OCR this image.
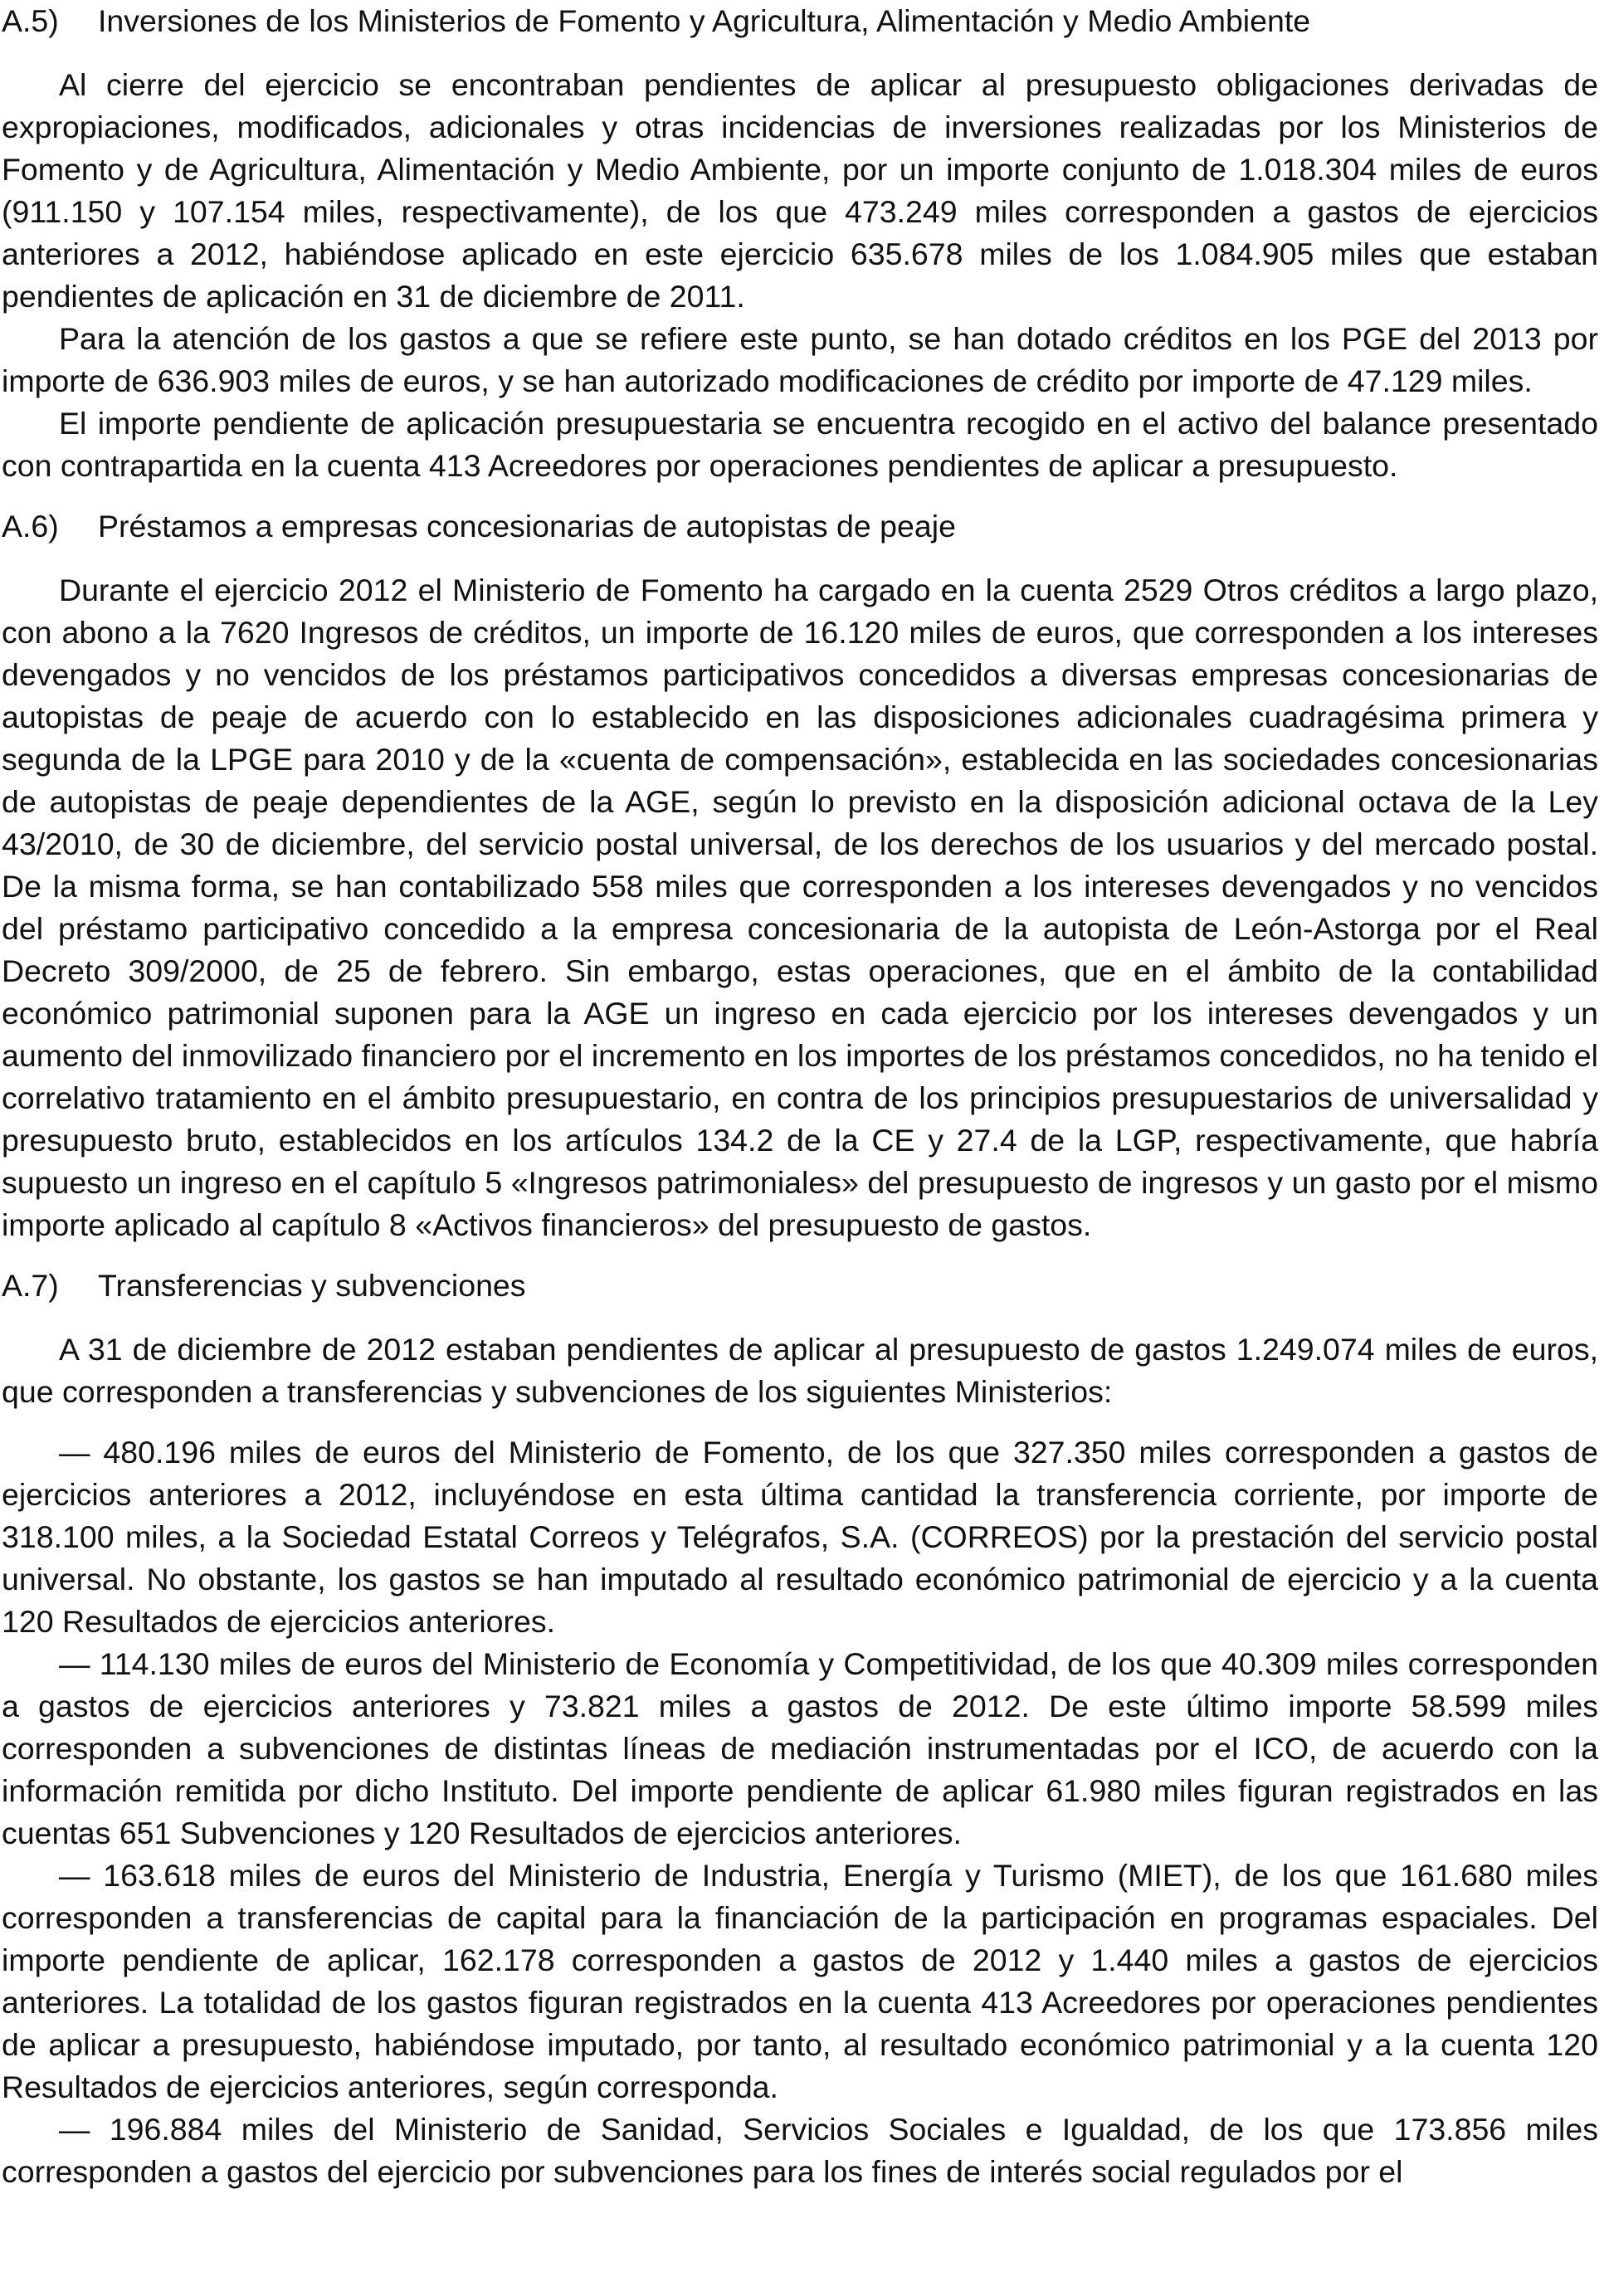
A.5)	Inversiones de los Ministerios de Fomento y Agricultura, Alimentación y Medio Ambiente

Al cierre del ejercicio se encontraban pendientes de aplicar al presupuesto obligaciones derivadas de expropiaciones, modificados, adicionales y otras incidencias de inversiones realizadas por los Ministerios de Fomento y de Agricultura, Alimentación y Medio Ambiente, por un importe conjunto de 1.018.304 miles de euros (911.150 y 107.154 miles, respectivamente), de los que 473.249 miles corresponden a gastos de ejercicios anteriores a 2012, habiéndose aplicado en este ejercicio 635.678 miles de los 1.084.905 miles que estaban pendientes de aplicación en 31 de diciembre de 2011.

Para la atención de los gastos a que se refiere este punto, se han dotado créditos en los PGE del 2013 por importe de 636.903 miles de euros, y se han autorizado modificaciones de crédito por importe de 47.129 miles.

El importe pendiente de aplicación presupuestaria se encuentra recogido en el activo del balance presentado con contrapartida en la cuenta 413 Acreedores por operaciones pendientes de aplicar a presupuesto.

A.6)	Préstamos a empresas concesionarias de autopistas de peaje

Durante el ejercicio 2012 el Ministerio de Fomento ha cargado en la cuenta 2529 Otros créditos a largo plazo, con abono a la 7620 Ingresos de créditos, un importe de 16.120 miles de euros, que corresponden a los intereses devengados y no vencidos de los préstamos participativos concedidos a diversas empresas concesionarias de autopistas de peaje de acuerdo con lo establecido en las disposiciones adicionales cuadragésima primera y segunda de la LPGE para 2010 y de la «cuenta de compensación», establecida en las sociedades concesionarias de autopistas de peaje dependientes de la AGE, según lo previsto en la disposición adicional octava de la Ley 43/2010, de 30 de diciembre, del servicio postal universal, de los derechos de los usuarios y del mercado postal. De la misma forma, se han contabilizado 558 miles que corresponden a los intereses devengados y no vencidos del préstamo participativo concedido a la empresa concesionaria de la autopista de León-Astorga por el Real Decreto 309/2000, de 25 de febrero. Sin embargo, estas operaciones, que en el ámbito de la contabilidad económico patrimonial suponen para la AGE un ingreso en cada ejercicio por los intereses devengados y un aumento del inmovilizado financiero por el incremento en los importes de los préstamos concedidos, no ha tenido el correlativo tratamiento en el ámbito presupuestario, en contra de los principios presupuestarios de universalidad y presupuesto bruto, establecidos en los artículos 134.2 de la CE y 27.4 de la LGP, respectivamente, que habría supuesto un ingreso en el capítulo 5 «Ingresos patrimoniales» del presupuesto de ingresos y un gasto por el mismo importe aplicado al capítulo 8 «Activos financieros» del presupuesto de gastos.

A.7)	Transferencias y subvenciones

A 31 de diciembre de 2012 estaban pendientes de aplicar al presupuesto de gastos 1.249.074 miles de euros, que corresponden a transferencias y subvenciones de los siguientes Ministerios:

— 480.196 miles de euros del Ministerio de Fomento, de los que 327.350 miles corresponden a gastos de ejercicios anteriores a 2012, incluyéndose en esta última cantidad la transferencia corriente, por importe de 318.100 miles, a la Sociedad Estatal Correos y Telégrafos, S.A. (CORREOS) por la prestación del servicio postal universal. No obstante, los gastos se han imputado al resultado económico patrimonial de ejercicio y a la cuenta 120 Resultados de ejercicios anteriores.

— 114.130 miles de euros del Ministerio de Economía y Competitividad, de los que 40.309 miles corresponden a gastos de ejercicios anteriores y 73.821 miles a gastos de 2012. De este último importe 58.599 miles corresponden a subvenciones de distintas líneas de mediación instrumentadas por el ICO, de acuerdo con la información remitida por dicho Instituto. Del importe pendiente de aplicar 61.980 miles figuran registrados en las cuentas 651 Subvenciones y 120 Resultados de ejercicios anteriores.

— 163.618 miles de euros del Ministerio de Industria, Energía y Turismo (MIET), de los que 161.680 miles corresponden a transferencias de capital para la financiación de la participación en programas espaciales. Del importe pendiente de aplicar, 162.178 corresponden a gastos de 2012 y 1.440 miles a gastos de ejercicios anteriores. La totalidad de los gastos figuran registrados en la cuenta 413 Acreedores por operaciones pendientes de aplicar a presupuesto, habiéndose imputado, por tanto, al resultado económico patrimonial y a la cuenta 120 Resultados de ejercicios anteriores, según corresponda.

— 196.884 miles del Ministerio de Sanidad, Servicios Sociales e Igualdad, de los que 173.856 miles corresponden a gastos del ejercicio por subvenciones para los fines de interés social regulados por el
